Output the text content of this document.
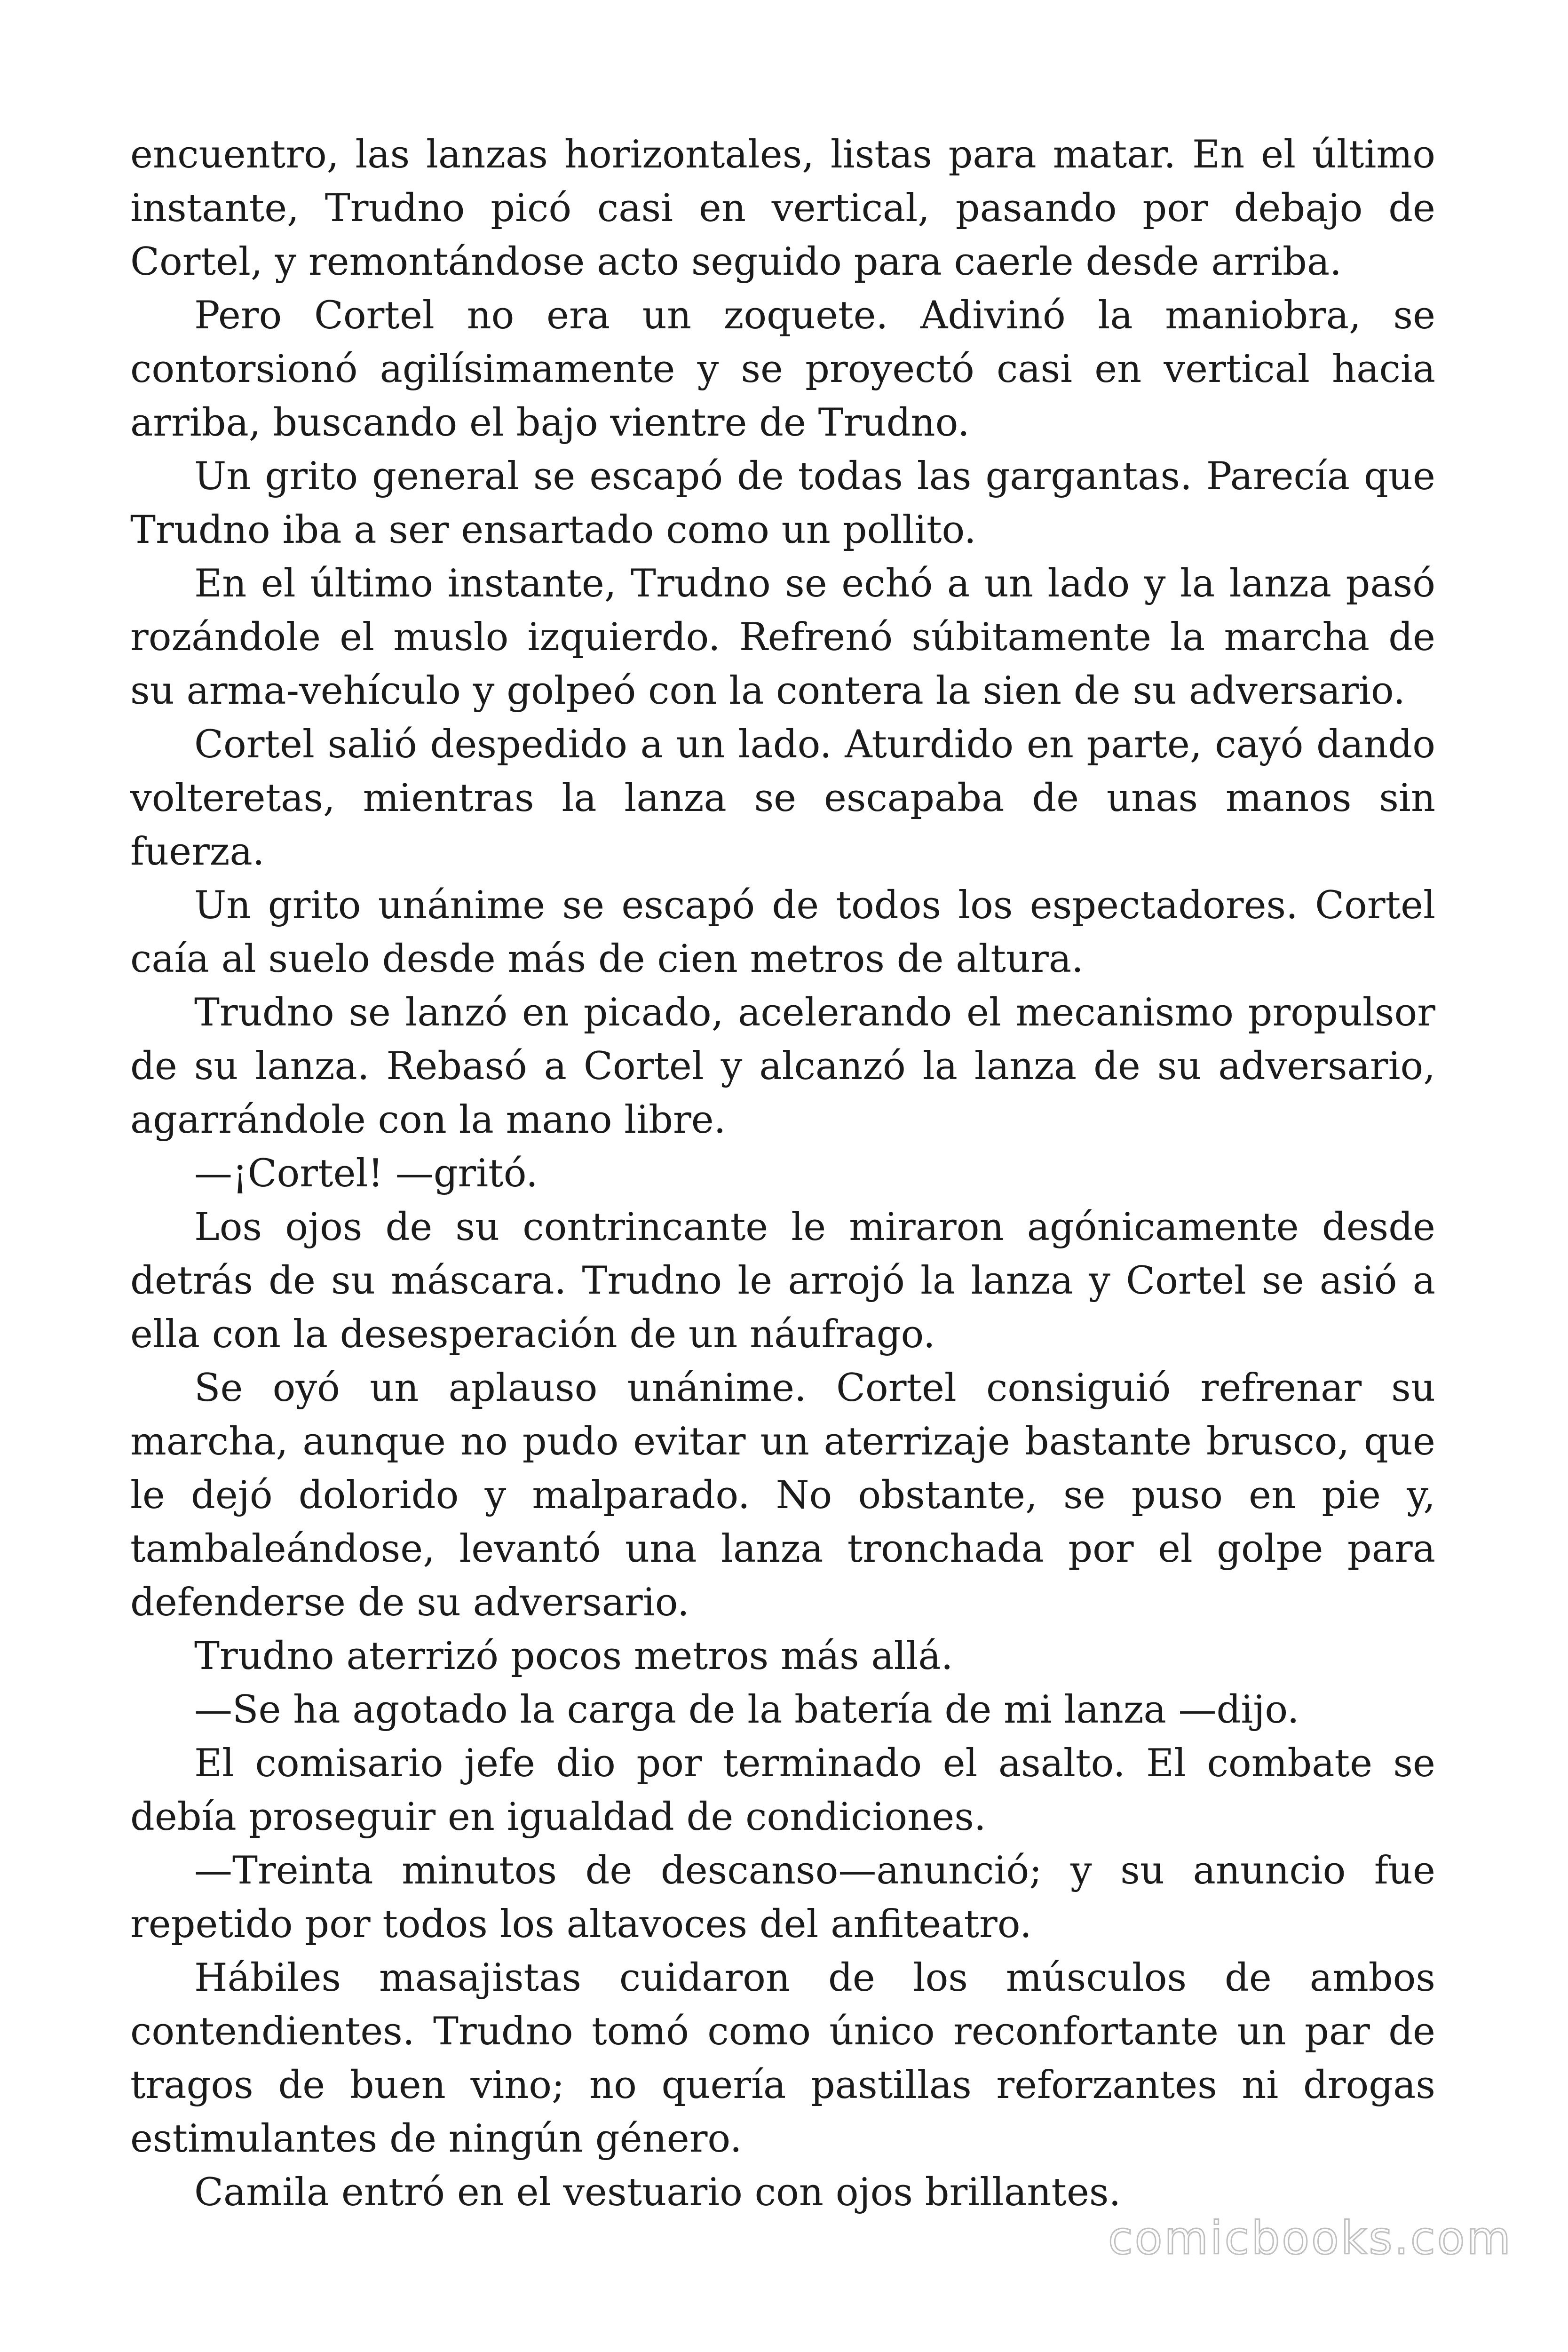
encuentro, las lanzas horizontales, listas para matar. En el último instante, Trudno picó casi en vertical, pasando por debajo de Cortel, y remontándose acto seguido para caerle desde arriba.

Pero Cortel no era un zoquete. Adivinó la maniobra, se contorsionó agilísimamente y se proyectó casi en vertical hacia arriba, buscando el bajo vientre de Trudno.

Un grito general se escapó de todas las gargantas. Parecía que Trudno iba a ser ensartado como un pollito.

En el último instante, Trudno se echó a un lado y la lanza pasó rozándole el muslo izquierdo. Refrenó súbitamente la marcha de su arma-vehículo y golpeó con la contera la sien de su adversario.

Cortel salió despedido a un lado. Aturdido en parte, cayó dando volteretas, mientras la lanza se escapaba de unas manos sin fuerza.

Un grito unánime se escapó de todos los espectadores. Cortel caía al suelo desde más de cien metros de altura.

Trudno se lanzó en picado, acelerando el mecanismo propulsor de su lanza. Rebasó a Cortel y alcanzó la lanza de su adversario, agarrándole con la mano libre.

—¡Cortel! —gritó.

Los ojos de su contrincante le miraron agónicamente desde detrás de su máscara. Trudno le arrojó la lanza y Cortel se asió a ella con la desesperación de un náufrago.

Se oyó un aplauso unánime. Cortel consiguió refrenar su marcha, aunque no pudo evitar un aterrizaje bastante brusco, que le dejó dolorido y malparado. No obstante, se puso en pie y, tambaleándose, levantó una lanza tronchada por el golpe para defenderse de su adversario.

Trudno aterrizó pocos metros más allá.

—Se ha agotado la carga de la batería de mi lanza —dijo.

El comisario jefe dio por terminado el asalto. El combate se debía proseguir en igualdad de condiciones.

—Treinta minutos de descanso—anunció; y su anuncio fue repetido por todos los altavoces del anfiteatro.

Hábiles masajistas cuidaron de los músculos de ambos contendientes. Trudno tomó como único reconfortante un par de tragos de buen vino; no quería pastillas reforzantes ni drogas estimulantes de ningún género.

Camila entró en el vestuario con ojos brillantes.

comicbooks.com
